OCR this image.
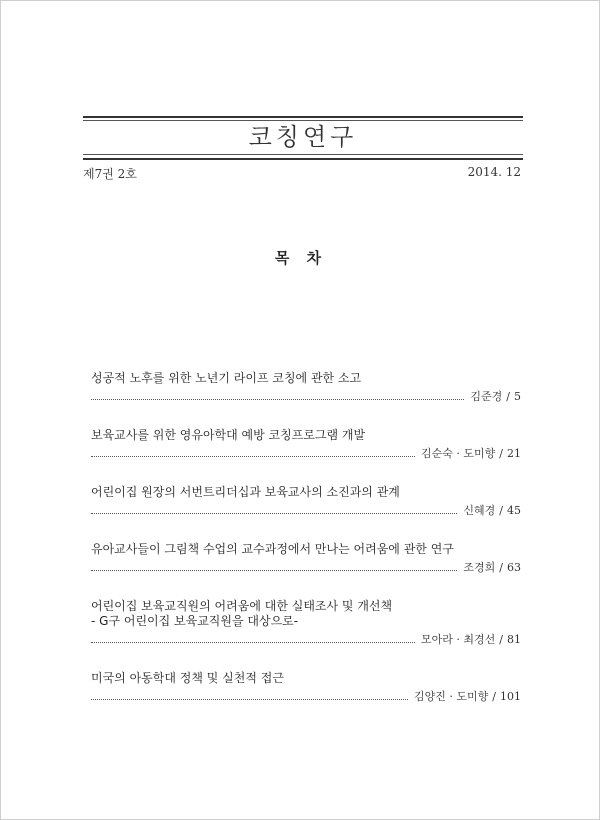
코칭연구
제7권 2호	2014. 12
목 차
성공적 노후를 위한 노년기 라이프 코칭에 관한 소고
김준경 / 5
보육교사를 위한 영유아학대 예방 코칭프로그램 개발
김순숙 · 도미향 / 21
어린이집 원장의 서번트리더십과 보육교사의 소진과의 관계
신혜경 / 45
유아교사들이 그림책 수업의 교수과정에서 만나는 어려움에 관한 연구
조경희 / 63
어린이집 보육교직원의 어려움에 대한 실태조사 및 개선책
- G구 어린이집 보육교직원을 대상으로-
모아라 · 최경선 / 81
미국의 아동학대 정책 및 실천적 접근
김양진 · 도미향 / 101
